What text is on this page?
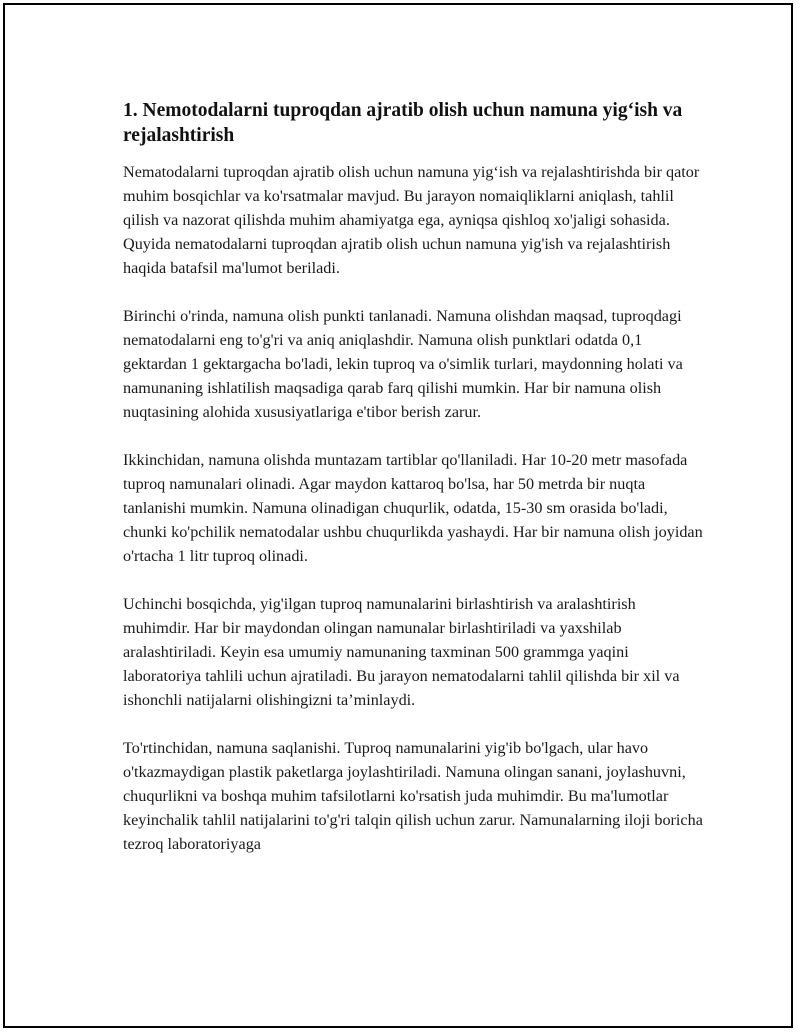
1. Nemotodalarni tuproqdan ajratib olish uchun namuna yig‘ish va rejalashtirish

Nematodalarni tuproqdan ajratib olish uchun namuna yig‘ish va rejalashtirishda bir qator muhim bosqichlar va ko'rsatmalar mavjud. Bu jarayon nomaiqliklarni aniqlash, tahlil qilish va nazorat qilishda muhim ahamiyatga ega, ayniqsa qishloq xo'jaligi sohasida. Quyida nematodalarni tuproqdan ajratib olish uchun namuna yig'ish va rejalashtirish haqida batafsil ma'lumot beriladi.

Birinchi o'rinda, namuna olish punkti tanlanadi. Namuna olishdan maqsad, tuproqdagi nematodalarni eng to'g'ri va aniq aniqlashdir. Namuna olish punktlari odatda 0,1 gektardan 1 gektargacha bo'ladi, lekin tuproq va o'simlik turlari, maydonning holati va namunaning ishlatilish maqsadiga qarab farq qilishi mumkin. Har bir namuna olish nuqtasining alohida xususiyatlariga e'tibor berish zarur.

Ikkinchidan, namuna olishda muntazam tartiblar qo'llaniladi. Har 10-20 metr masofada tuproq namunalari olinadi. Agar maydon kattaroq bo'lsa, har 50 metrda bir nuqta tanlanishi mumkin. Namuna olinadigan chuqurlik, odatda, 15-30 sm orasida bo'ladi, chunki ko'pchilik nematodalar ushbu chuqurlikda yashaydi. Har bir namuna olish joyidan o'rtacha 1 litr tuproq olinadi.

Uchinchi bosqichda, yig'ilgan tuproq namunalarini birlashtirish va aralashtirish muhimdir. Har bir maydondan olingan namunalar birlashtiriladi va yaxshilab aralashtiriladi. Keyin esa umumiy namunaning taxminan 500 grammga yaqini laboratoriya tahlili uchun ajratiladi. Bu jarayon nematodalarni tahlil qilishda bir xil va ishonchli natijalarni olishingizni ta’minlaydi.

To'rtinchidan, namuna saqlanishi. Tuproq namunalarini yig'ib bo'lgach, ular havo o'tkazmaydigan plastik paketlarga joylashtiriladi. Namuna olingan sanani, joylashuvni, chuqurlikni va boshqa muhim tafsilotlarni ko'rsatish juda muhimdir. Bu ma'lumotlar keyinchalik tahlil natijalarini to'g'ri talqin qilish uchun zarur. Namunalarning iloji boricha tezroq laboratoriyaga
